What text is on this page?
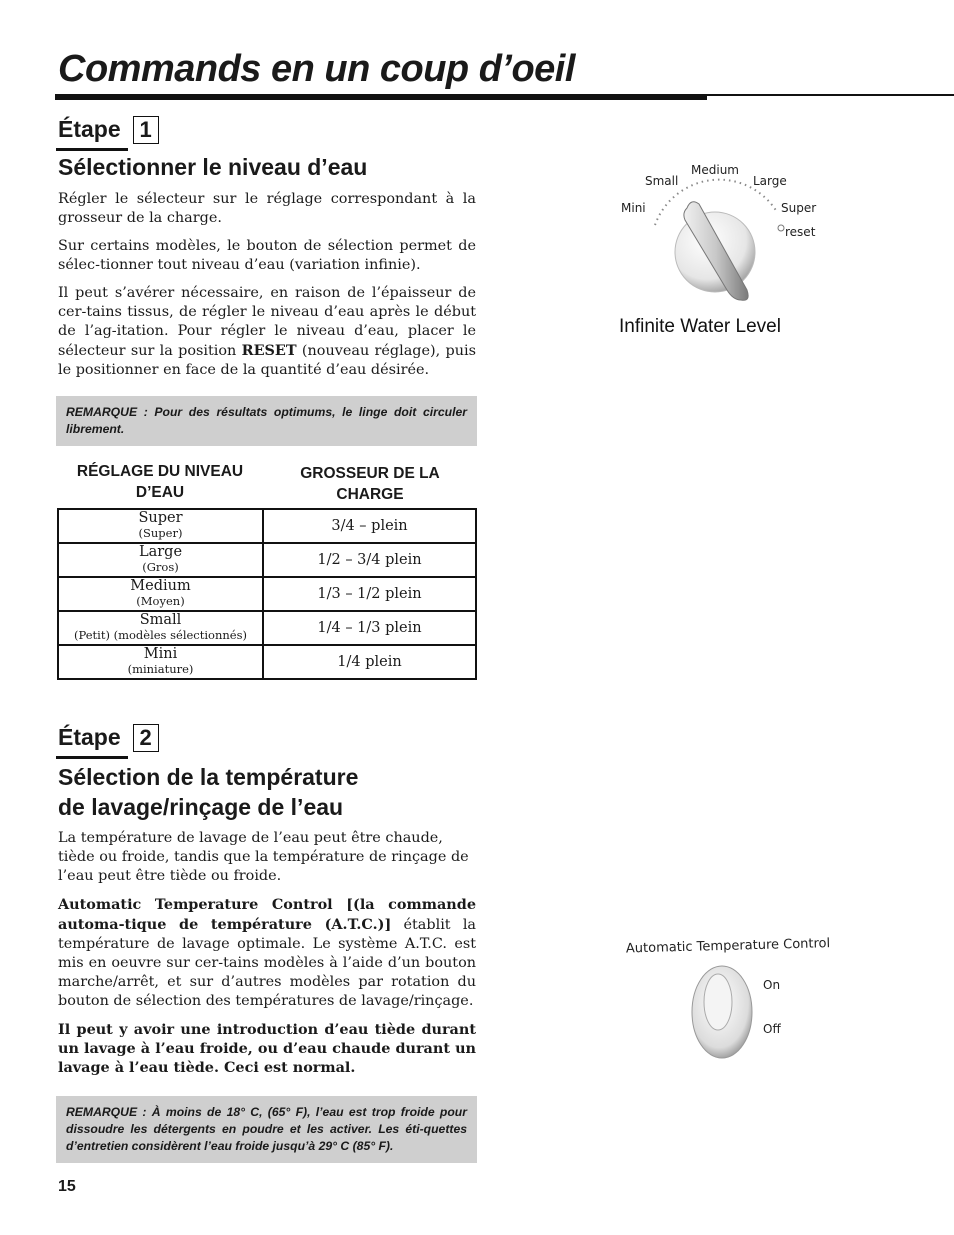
Commands en un coup d’oeil
Étape 1
Sélectionner le niveau d’eau

Régler le sélecteur sur le réglage correspondant à la grosseur de la charge.

Sur certains modèles, le bouton de sélection permet de sélec-tionner tout niveau d’eau (variation infinie).

Il peut s’avérer nécessaire, en raison de l’épaisseur de cer-tains tissus, de régler le niveau d’eau après le début de l’ag-itation. Pour régler le niveau d’eau, placer le sélecteur sur la position RESET (nouveau réglage), puis le positionner en face de la quantité d’eau désirée.

REMARQUE : Pour des résultats optimums, le linge doit circuler librement.
RÉGLAGE DU NIVEAU D’EAU
GROSSEUR DE LA CHARGE
Super
(Super)	3/4 – plein

Large
(Gros)	1/2 – 3/4 plein

Medium
(Moyen)	1/3 – 1/2 plein

Small
(Petit) (modèles sélectionnés)	1/4 – 1/3 plein

Mini
(miniature)	1/4 plein
Étape 2
Sélection de la température
de lavage/rinçage de l’eau

La température de lavage de l’eau peut être chaude, tiède ou froide, tandis que la température de rinçage de l’eau peut être tiède ou froide.

Automatic Temperature Control [(la commande automa-tique de température (A.T.C.)] établit la température de lavage optimale. Le système A.T.C. est mis en oeuvre sur cer-tains modèles à l’aide d’un bouton marche/arrêt, et sur d’autres modèles par rotation du bouton de sélection des températures de lavage/rinçage.

Il peut y avoir une introduction d’eau tiède durant un lavage à l’eau froide, ou d’eau chaude durant un lavage à l’eau tiède. Ceci est normal.

REMARQUE : À moins de 18° C, (65° F), l’eau est trop froide pour dissoudre les détergents en poudre et les activer. Les éti-quettes d’entretien considèrent l’eau froide jusqu’à 29° C (85° F).
15
Mini
Small
Medium
Large
Super
reset
Infinite Water Level
Automatic Temperature Control
On
Off
